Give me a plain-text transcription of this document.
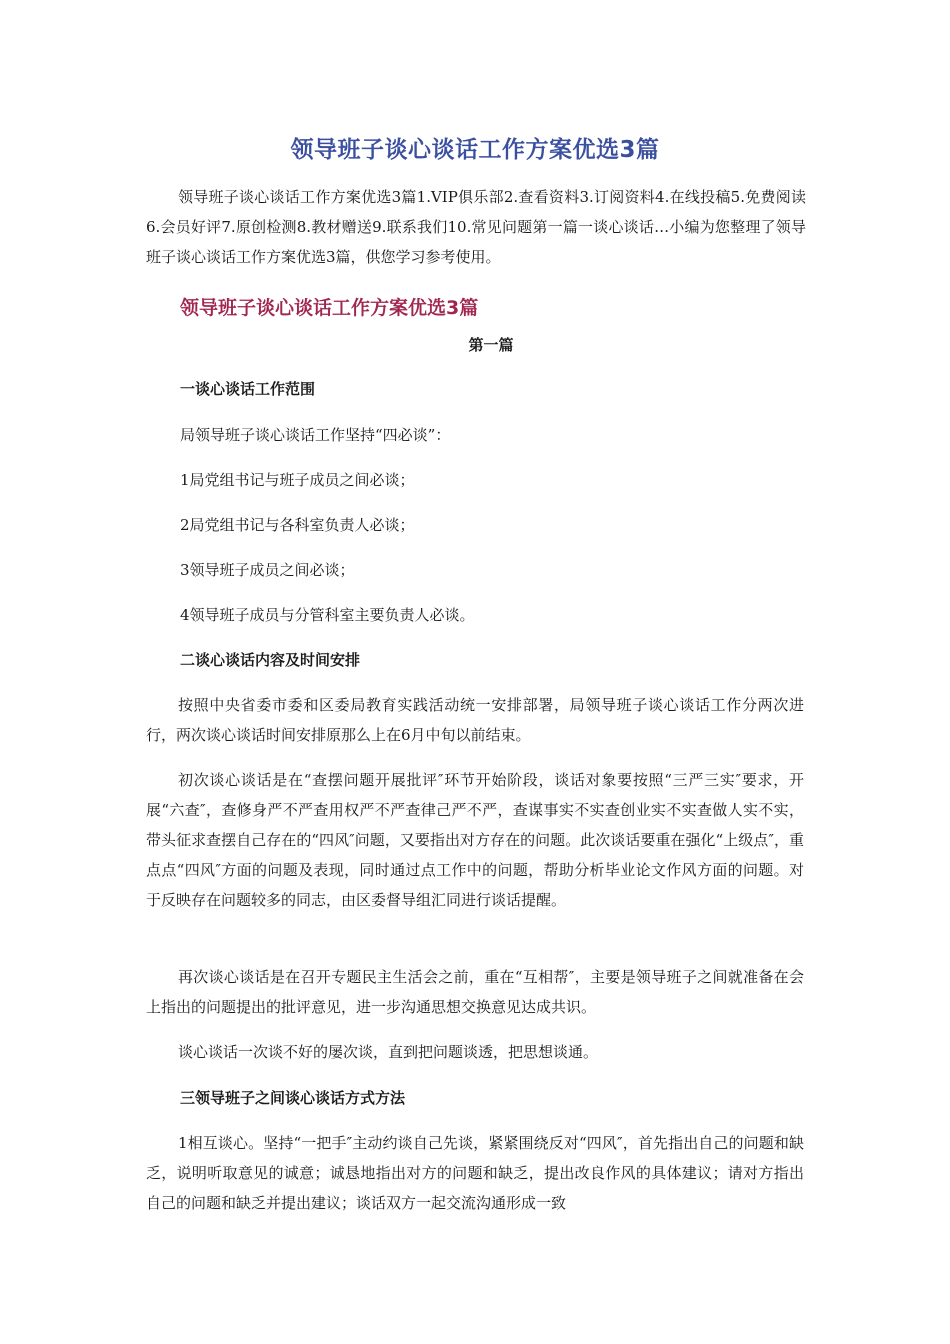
领导班子谈心谈话工作方案优选3篇

领导班子谈心谈话工作方案优选3篇1.VIP俱乐部2.查看资料3.订阅资料4.在线投稿5.免费阅读6.会员好评7.原创检测8.教材赠送9.联系我们10.常见问题第一篇一谈心谈话…小编为您整理了领导班子谈心谈话工作方案优选3篇，供您学习参考使用。

领导班子谈心谈话工作方案优选3篇
第一篇

一谈心谈话工作范围

局领导班子谈心谈话工作坚持“四必谈”：

1局党组书记与班子成员之间必谈；

2局党组书记与各科室负责人必谈；

3领导班子成员之间必谈；

4领导班子成员与分管科室主要负责人必谈。

二谈心谈话内容及时间安排

按照中央省委市委和区委局教育实践活动统一安排部署，局领导班子谈心谈话工作分两次进行，两次谈心谈话时间安排原那么上在6月中旬以前结束。

初次谈心谈话是在“查摆问题开展批评″环节开始阶段，谈话对象要按照“三严三实″要求，开展“六查″，查修身严不严查用权严不严查律己严不严，查谋事实不实查创业实不实查做人实不实，带头征求查摆自己存在的“四风″问题，又要指出对方存在的问题。此次谈话要重在强化“上级点″，重点点“四风″方面的问题及表现，同时通过点工作中的问题，帮助分析毕业论文作风方面的问题。对于反映存在问题较多的同志，由区委督导组汇同进行谈话提醒。

再次谈心谈话是在召开专题民主生活会之前，重在“互相帮″，主要是领导班子之间就准备在会上指出的问题提出的批评意见，进一步沟通思想交换意见达成共识。

谈心谈话一次谈不好的屡次谈，直到把问题谈透，把思想谈通。

三领导班子之间谈心谈话方式方法

1相互谈心。坚持“一把手″主动约谈自己先谈，紧紧围绕反对“四风″，首先指出自己的问题和缺乏，说明听取意见的诚意；诚恳地指出对方的问题和缺乏，提出改良作风的具体建议；请对方指出自己的问题和缺乏并提出建议；谈话双方一起交流沟通形成一致
